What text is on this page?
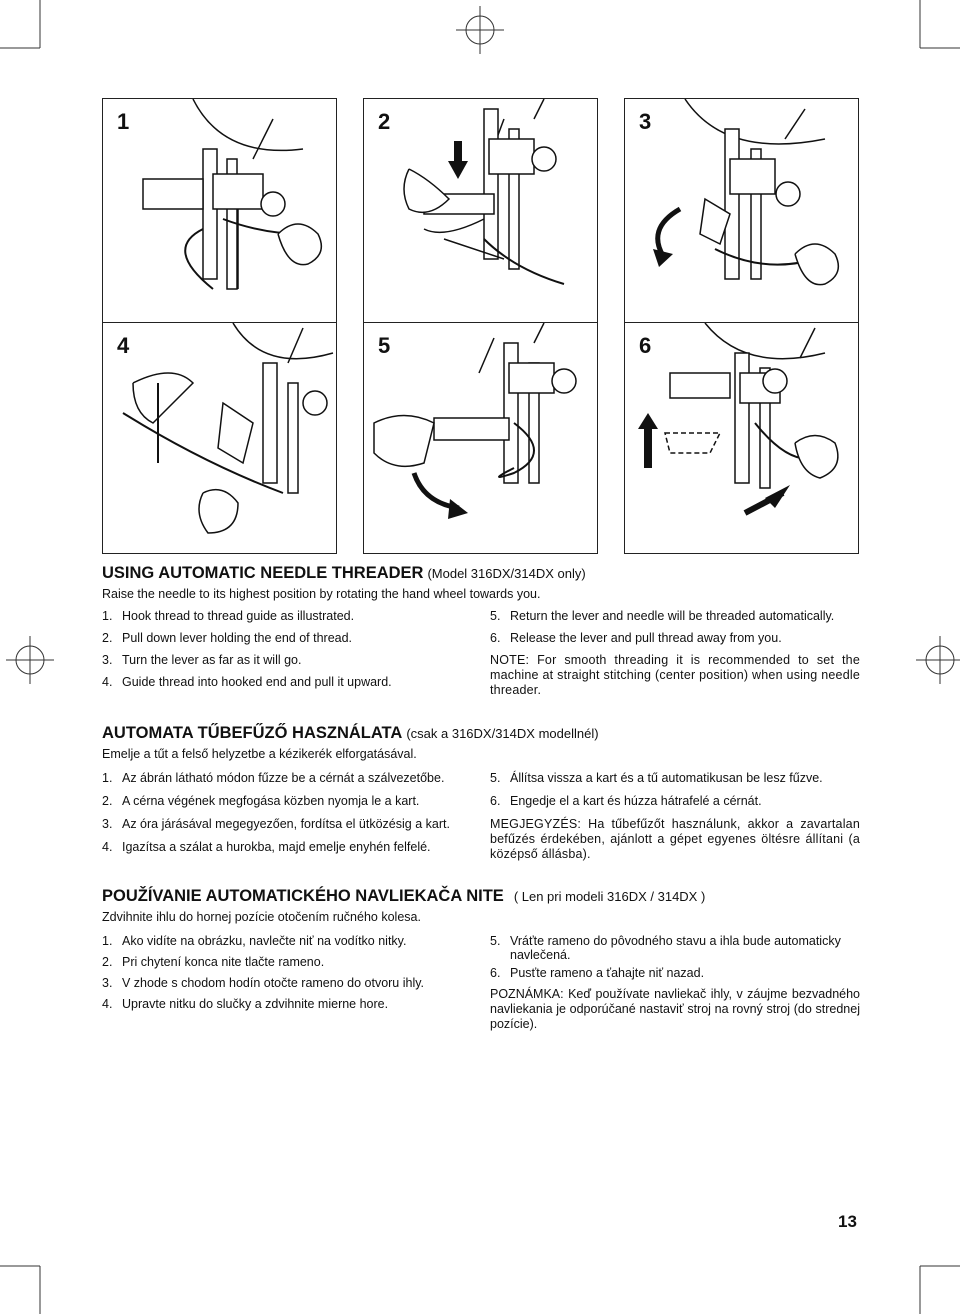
1	2	3
4	5	6
USING AUTOMATIC NEEDLE THREADER (Model 316DX/314DX only)
Raise the needle to its highest position by rotating the hand wheel towards you.
1. Hook thread to thread guide as illustrated.
2. Pull down lever holding the end of thread.
3. Turn the lever as far as it will go.
4. Guide thread into hooked end and pull it upward.
5. Return the lever and needle will be threaded automatically.
6. Release the lever and pull thread away from you.
NOTE: For smooth threading it is recommended to set the machine at straight stitching (center position) when using needle threader.
AUTOMATA TŰBEFŰZŐ HASZNÁLATA (csak a 316DX/314DX modellnél)
Emelje a tűt a felső helyzetbe a kézikerék elforgatásával.
1. Az ábrán látható módon fűzze be a cérnát a szálvezetőbe.
2. A cérna végének megfogása közben nyomja le a kart.
3. Az óra járásával megegyezően, fordítsa el ütközésig a kart.
4. Igazítsa a szálat a hurokba, majd emelje enyhén felfelé.
5. Állítsa vissza a kart és a tű automatikusan be lesz fűzve.
6. Engedje el a kart és húzza hátrafelé a cérnát.
MEGJEGYZÉS: Ha tűbefűzőt használunk, akkor a zavartalan befűzés érdekében, ajánlott a gépet egyenes öltésre állítani (a középső állásba).
POUŽÍVANIE AUTOMATICKÉHO NAVLIEKAČA NITE ( Len pri modeli 316DX / 314DX )
Zdvihnite ihlu do hornej pozície otočením ručného kolesa.
1. Ako vidíte na obrázku, navlečte niť na vodítko nitky.
2. Pri chytení konca nite tlačte rameno.
3. V zhode s chodom hodín otočte rameno do otvoru ihly.
4. Upravte nitku do slučky a zdvihnite mierne hore.
5. Vráťte rameno do pôvodného stavu a ihla bude automaticky navlečená.
6. Pusťte rameno a ťahajte niť nazad.
POZNÁMKA: Keď používate navliekač ihly, v záujme bezvadného navliekania je odporúčané nastaviť stroj na rovný stroj (do strednej pozície).
13
